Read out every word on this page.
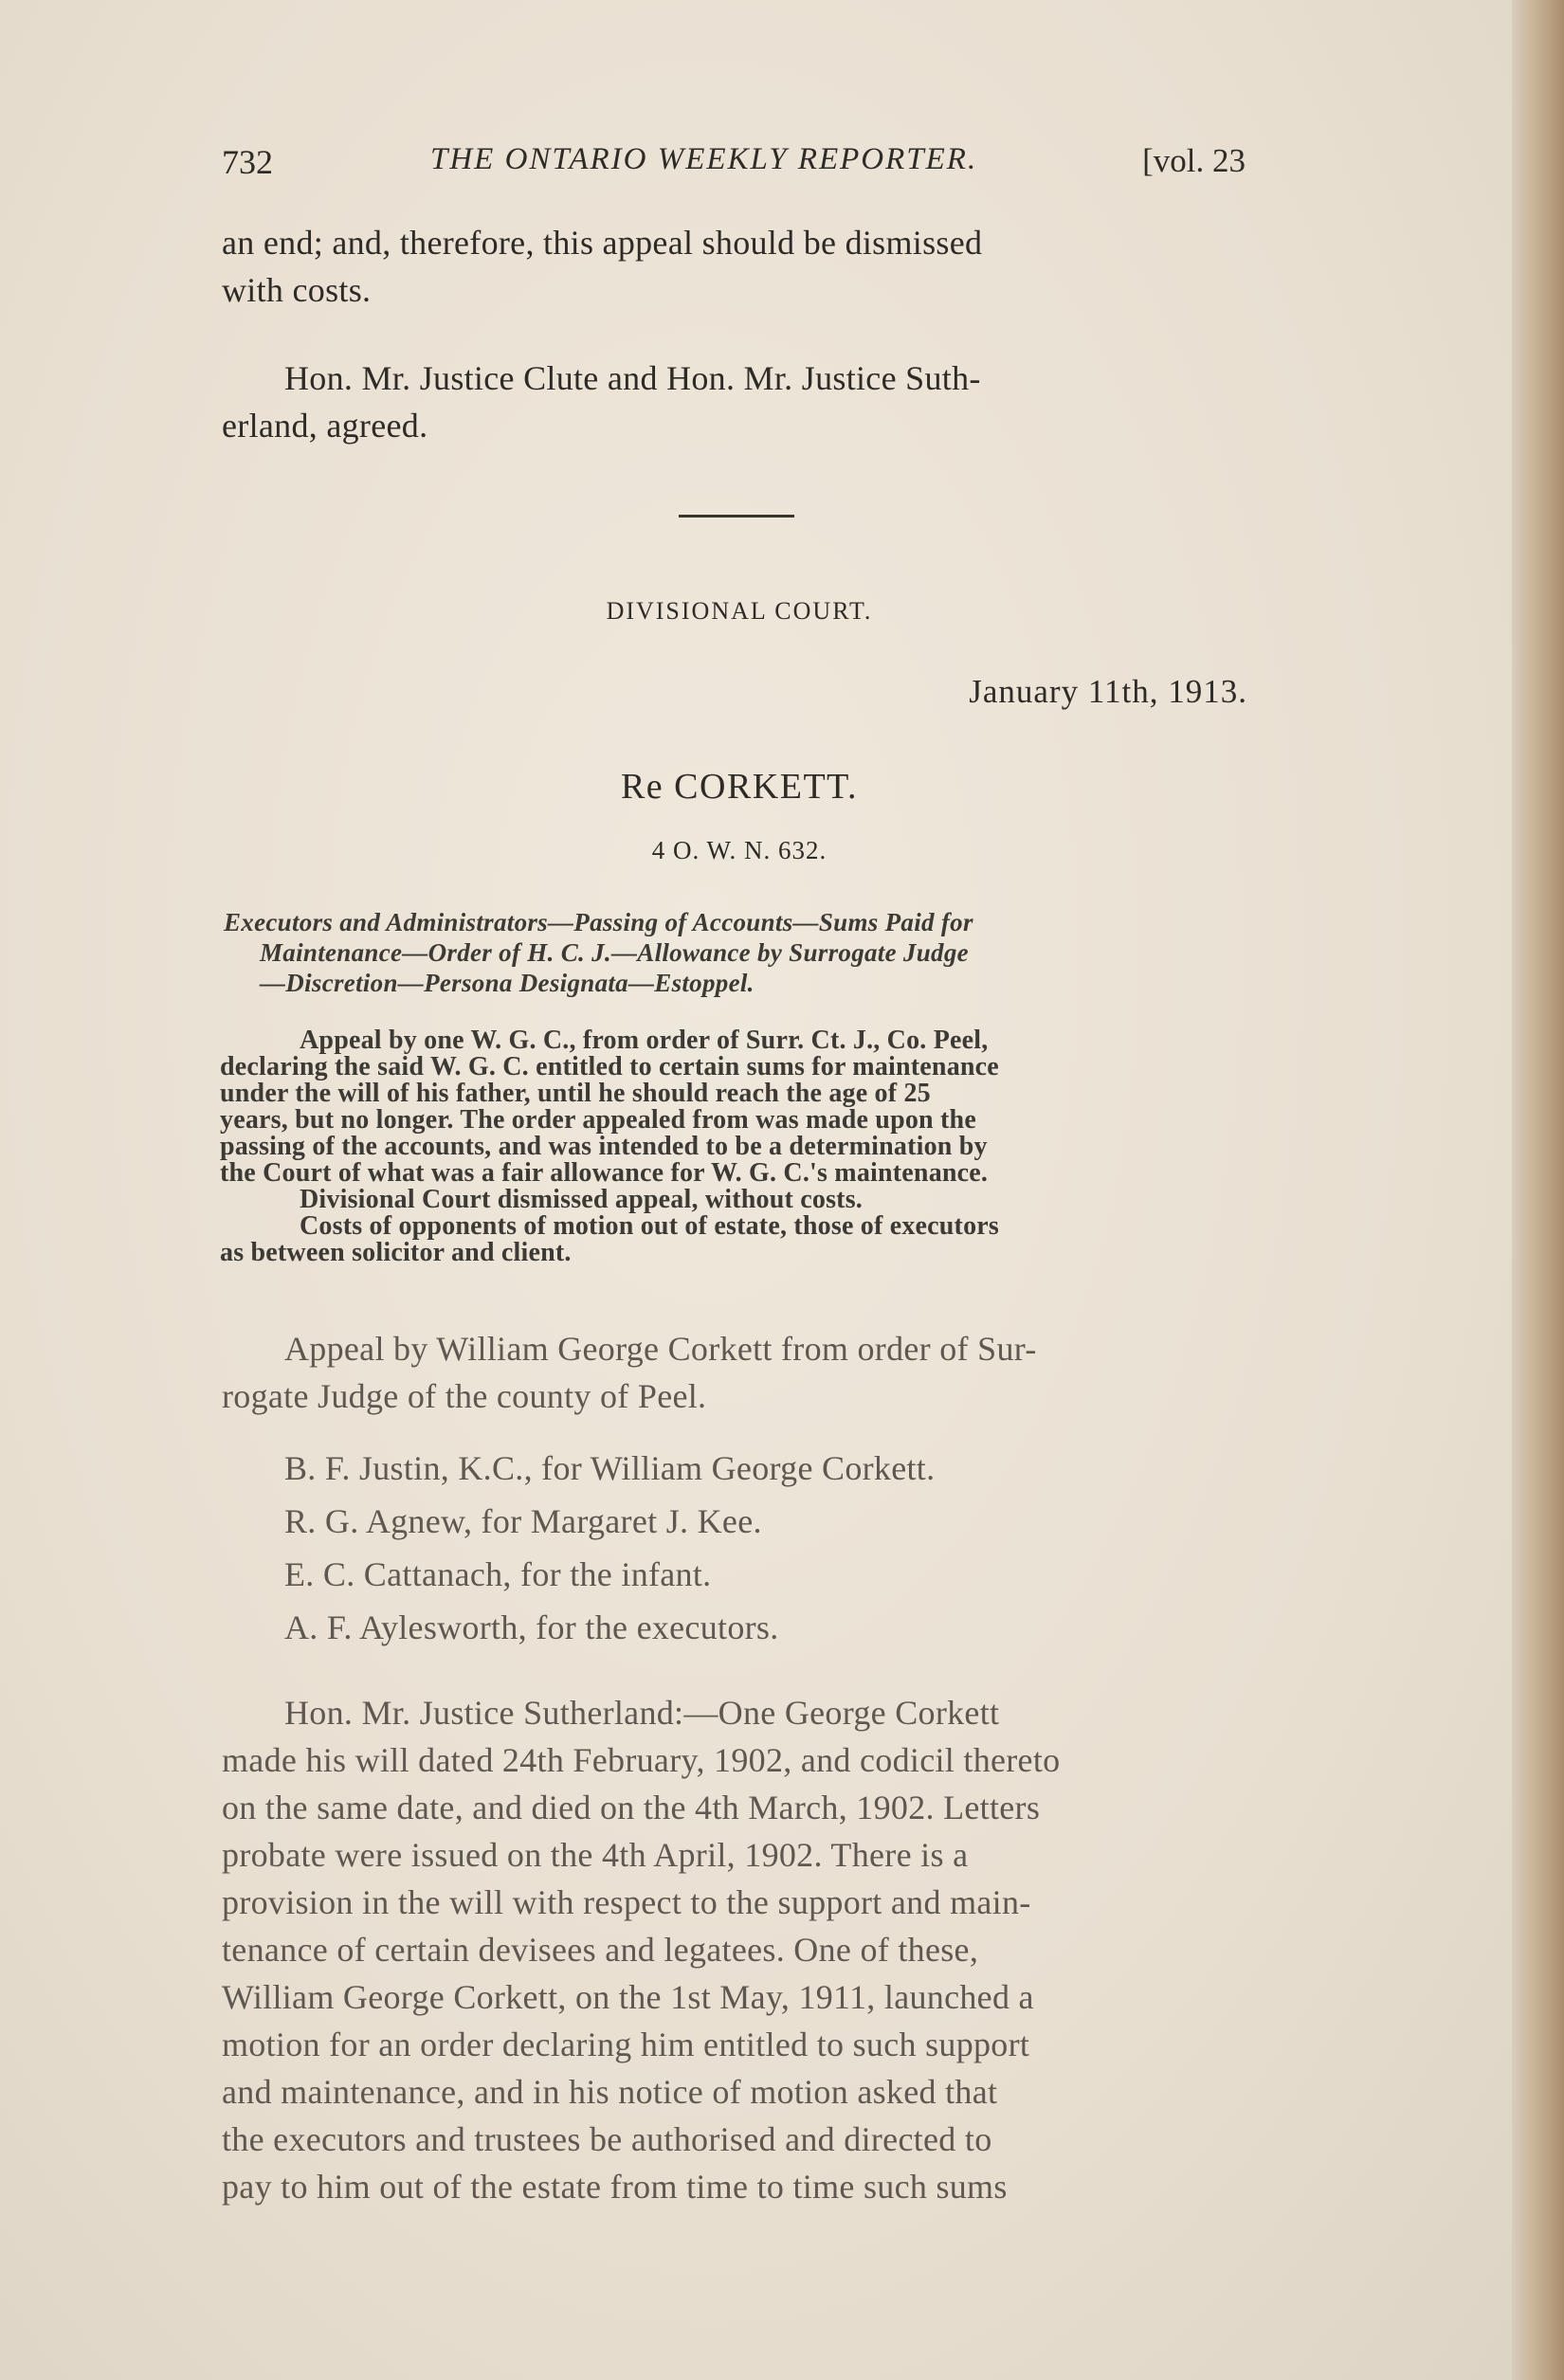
732	THE ONTARIO WEEKLY REPORTER.	[vol. 23
an end; and, therefore, this appeal should be dismissed
with costs.
Hon. Mr. Justice Clute and Hon. Mr. Justice Suth-
erland, agreed.
DIVISIONAL COURT.
January 11th, 1913.
Re CORKETT.
4 O. W. N. 632.
Executors and Administrators—Passing of Accounts—Sums Paid for
Maintenance—Order of H. C. J.—Allowance by Surrogate Judge
—Discretion—Persona Designata—Estoppel.
Appeal by one W. G. C., from order of Surr. Ct. J., Co. Peel,
declaring the said W. G. C. entitled to certain sums for maintenance
under the will of his father, until he should reach the age of 25
years, but no longer. The order appealed from was made upon the
passing of the accounts, and was intended to be a determination by
the Court of what was a fair allowance for W. G. C.'s maintenance.
Divisional Court dismissed appeal, without costs.
Costs of opponents of motion out of estate, those of executors
as between solicitor and client.
Appeal by William George Corkett from order of Sur-
rogate Judge of the county of Peel.
B. F. Justin, K.C., for William George Corkett.
R. G. Agnew, for Margaret J. Kee.
E. C. Cattanach, for the infant.
A. F. Aylesworth, for the executors.
Hon. Mr. Justice Sutherland:—One George Corkett
made his will dated 24th February, 1902, and codicil thereto
on the same date, and died on the 4th March, 1902. Letters
probate were issued on the 4th April, 1902. There is a
provision in the will with respect to the support and main-
tenance of certain devisees and legatees. One of these,
William George Corkett, on the 1st May, 1911, launched a
motion for an order declaring him entitled to such support
and maintenance, and in his notice of motion asked that
the executors and trustees be authorised and directed to
pay to him out of the estate from time to time such sums
